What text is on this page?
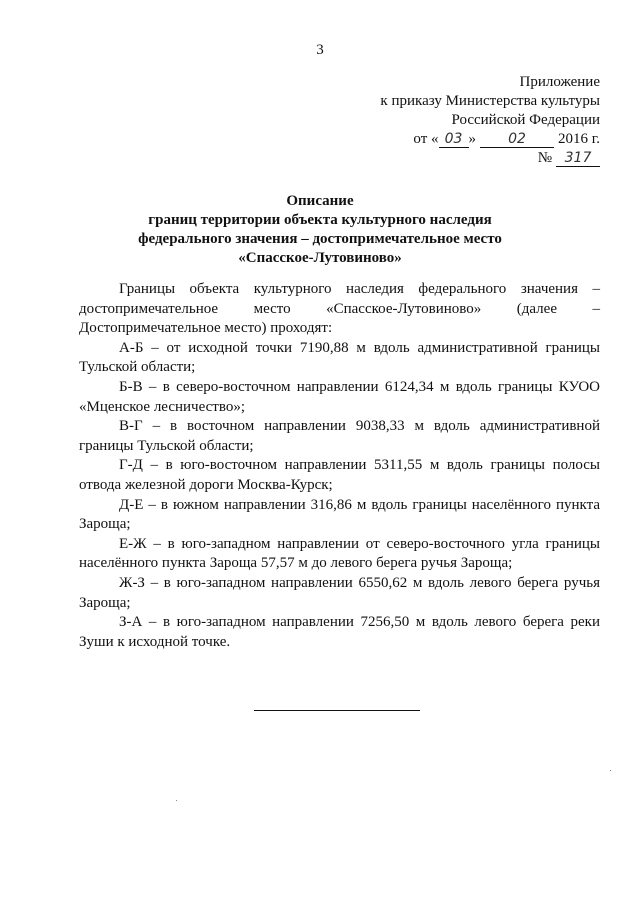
3
Приложение
к приказу Министерства культуры
Российской Федерации
от « 03 » 02 2016 г.
№ 317
Описание
границ территории объекта культурного наследия
федерального значения – достопримечательное место
«Спасское-Лутовиново»

Границы объекта культурного наследия федерального значения – достопримечательное место «Спасское-Лутовиново» (далее – Достопримечательное место) проходят:

А-Б – от исходной точки 7190,88 м вдоль административной границы Тульской области;

Б-В – в северо-восточном направлении 6124,34 м вдоль границы КУОО «Мценское лесничество»;

В-Г – в восточном направлении 9038,33 м вдоль административной границы Тульской области;

Г-Д – в юго-восточном направлении 5311,55 м вдоль границы полосы отвода железной дороги Москва-Курск;

Д-Е – в южном направлении 316,86 м вдоль границы населённого пункта Зароща;

Е-Ж – в юго-западном направлении от северо-восточного угла границы населённого пункта Зароща 57,57 м до левого берега ручья Зароща;

Ж-З – в юго-западном направлении 6550,62 м вдоль левого берега ручья Зароща;

З-А – в юго-западном направлении 7256,50 м вдоль левого берега реки Зуши к исходной точке.
